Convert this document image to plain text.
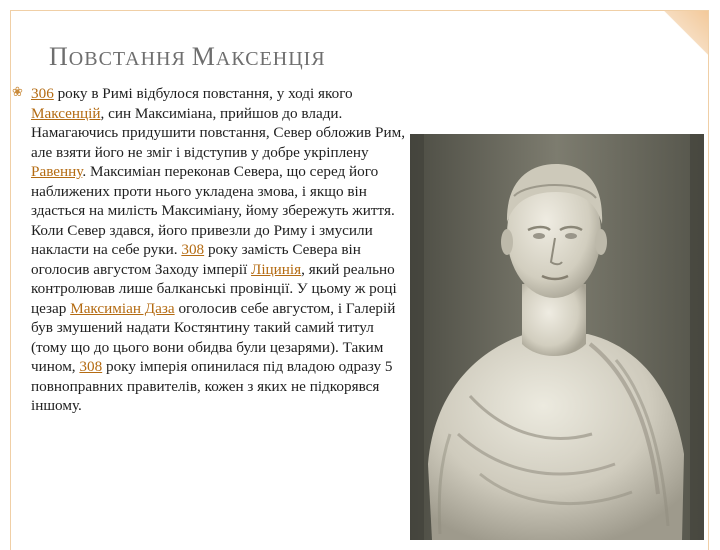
ПОВСТАННЯ МАКСЕНЦІЯ
❀ 306 року в Римі відбулося повстання, у ході якого Максенцій, син Максиміана, прийшов до влади. Намагаючись придушити повстання, Север обложив Рим, але взяти його не зміг і відступив у добре укріплену Равенну. Максиміан переконав Севера, що серед його наближених проти нього укладена змова, і якщо він здасться на милість Максиміану, йому збережуть життя. Коли Север здався, його привезли до Риму і змусили накласти на себе руки. 308 року замість Севера він оголосив августом Заходу імперії Ліцинія, який реально контролював лише балканські провінції. У цьому ж році цезар Максиміан Даза оголосив себе августом, і Галерій був змушений надати Костянтину такий самий титул (тому що до цього вони обидва були цезарями). Таким чином, 308 року імперія опинилася під владою одразу 5 повноправних правителів, кожен з яких не підкорявся іншому.
